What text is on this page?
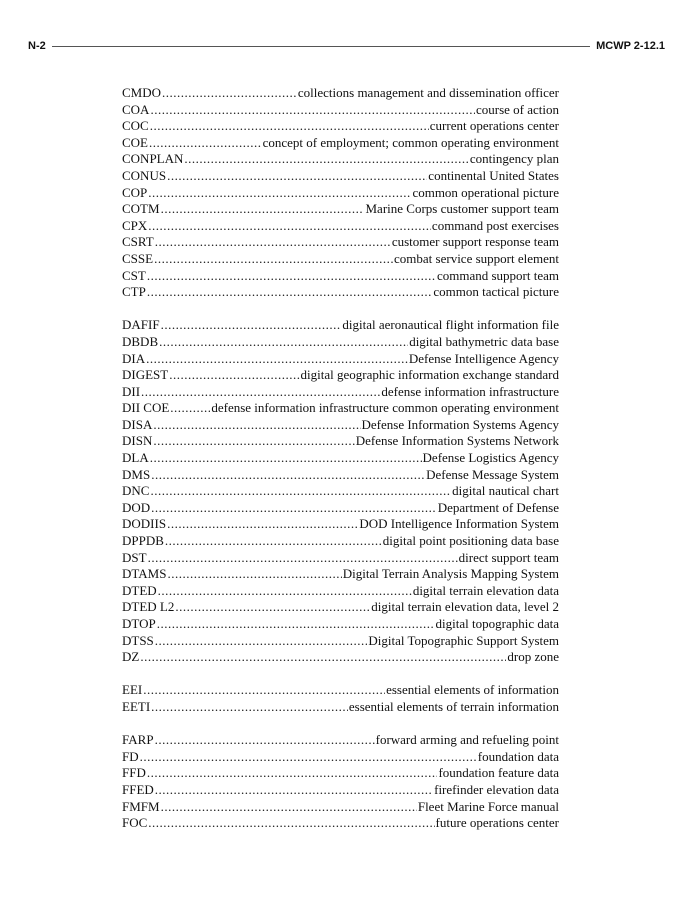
N-2	MCWP 2-12.1
CMDO .....	collections management and dissemination officer
COA .....	course of action
COC .....	current operations center
COE .....	concept of employment; common operating environment
CONPLAN .....	contingency plan
CONUS .....	continental United States
COP .....	common operational picture
COTM .....	Marine Corps customer support team
CPX .....	command post exercises
CSRT .....	customer support response team
CSSE .....	combat service support element
CST .....	command support team
CTP .....	common tactical picture
DAFIF .....	digital aeronautical flight information file
DBDB .....	digital bathymetric data base
DIA .....	Defense Intelligence Agency
DIGEST .....	digital geographic information exchange standard
DII .....	defense information infrastructure
DII COE .....	defense information infrastructure common operating environment
DISA .....	Defense Information Systems Agency
DISN .....	Defense Information Systems Network
DLA .....	Defense Logistics Agency
DMS .....	Defense Message System
DNC .....	digital nautical chart
DOD .....	Department of Defense
DODIIS .....	DOD Intelligence Information System
DPPDB .....	digital point positioning data base
DST .....	direct support team
DTAMS .....	Digital Terrain Analysis Mapping System
DTED .....	digital terrain elevation data
DTED L2 .....	digital terrain elevation data, level 2
DTOP .....	digital topographic data
DTSS .....	Digital Topographic Support System
DZ .....	drop zone
EEI .....	essential elements of information
EETI .....	essential elements of terrain information
FARP .....	forward arming and refueling point
FD .....	foundation data
FFD .....	foundation feature data
FFED .....	firefinder elevation data
FMFM .....	Fleet Marine Force manual
FOC .....	future operations center
